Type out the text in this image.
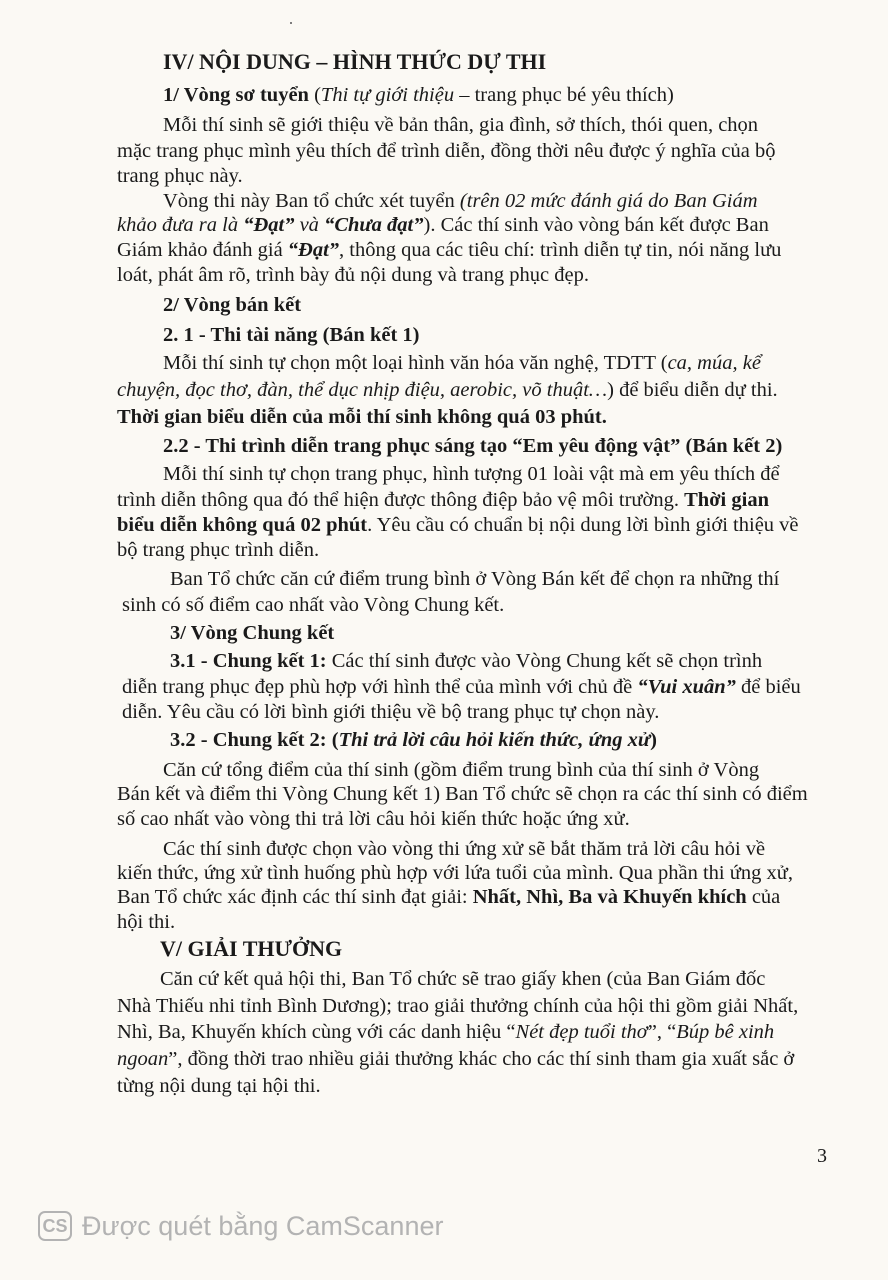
IV/ NỘI DUNG – HÌNH THỨC DỰ THI
1/ Vòng sơ tuyển (Thi tự giới thiệu – trang phục bé yêu thích)
Mỗi thí sinh sẽ giới thiệu về bản thân, gia đình, sở thích, thói quen, chọn
mặc trang phục mình yêu thích để trình diễn, đồng thời nêu được ý nghĩa của bộ
trang phục này.
Vòng thi này Ban tổ chức xét tuyển (trên 02 mức đánh giá do Ban Giám
khảo đưa ra là “Đạt” và “Chưa đạt”). Các thí sinh vào vòng bán kết được Ban
Giám khảo đánh giá “Đạt”, thông qua các tiêu chí: trình diễn tự tin, nói năng lưu
loát, phát âm rõ, trình bày đủ nội dung và trang phục đẹp.
2/ Vòng bán kết
2. 1 - Thi tài năng (Bán kết 1)
Mỗi thí sinh tự chọn một loại hình văn hóa văn nghệ, TDTT (ca, múa, kể
chuyện, đọc thơ, đàn, thể dục nhịp điệu, aerobic, võ thuật…) để biểu diễn dự thi.
Thời gian biểu diễn của mỗi thí sinh không quá 03 phút.
2.2 - Thi trình diễn trang phục sáng tạo “Em yêu động vật” (Bán kết 2)
Mỗi thí sinh tự chọn trang phục, hình tượng 01 loài vật mà em yêu thích để
trình diễn thông qua đó thể hiện được thông điệp bảo vệ môi trường. Thời gian
biểu diễn không quá 02 phút. Yêu cầu có chuẩn bị nội dung lời bình giới thiệu về
bộ trang phục trình diễn.
Ban Tổ chức căn cứ điểm trung bình ở Vòng Bán kết để chọn ra những thí
sinh có số điểm cao nhất vào Vòng Chung kết.
3/ Vòng Chung kết
3.1 - Chung kết 1: Các thí sinh được vào Vòng Chung kết sẽ chọn trình
diễn trang phục đẹp phù hợp với hình thể của mình với chủ đề “Vui xuân” để biểu
diễn. Yêu cầu có lời bình giới thiệu về bộ trang phục tự chọn này.
3.2 - Chung kết 2: (Thi trả lời câu hỏi kiến thức, ứng xử)
Căn cứ tổng điểm của thí sinh (gồm điểm trung bình của thí sinh ở Vòng
Bán kết và điểm thi Vòng Chung kết 1) Ban Tổ chức sẽ chọn ra các thí sinh có điểm
số cao nhất vào vòng thi trả lời câu hỏi kiến thức hoặc ứng xử.
Các thí sinh được chọn vào vòng thi ứng xử sẽ bắt thăm trả lời câu hỏi về
kiến thức, ứng xử tình huống phù hợp với lứa tuổi của mình. Qua phần thi ứng xử,
Ban Tổ chức xác định các thí sinh đạt giải: Nhất, Nhì, Ba và Khuyến khích của
hội thi.
V/ GIẢI THƯỞNG
Căn cứ kết quả hội thi, Ban Tổ chức sẽ trao giấy khen (của Ban Giám đốc
Nhà Thiếu nhi tỉnh Bình Dương); trao giải thưởng chính của hội thi gồm giải Nhất,
Nhì, Ba, Khuyến khích cùng với các danh hiệu “Nét đẹp tuổi thơ”, “Búp bê xinh
ngoan”, đồng thời trao nhiều giải thưởng khác cho các thí sinh tham gia xuất sắc ở
từng nội dung tại hội thi.
3
CS Được quét bằng CamScanner
